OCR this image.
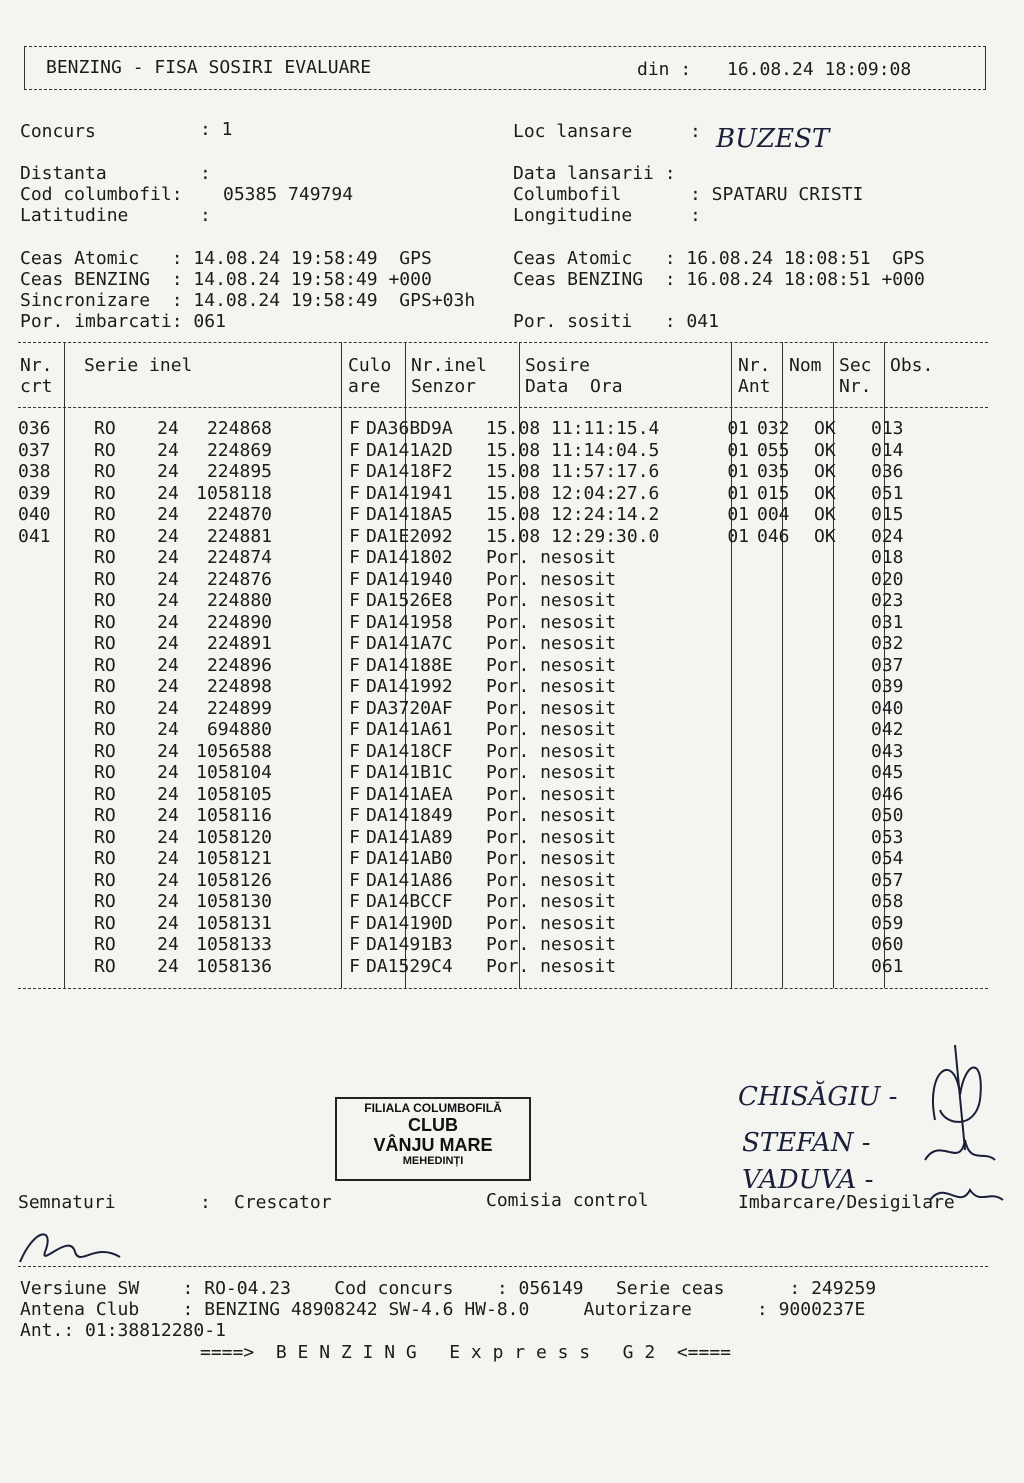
BENZING - FISA SOSIRI EVALUARE	din : 16.08.24 18:09:08
Concurs	: 1	Loc lansare	: BUZEST
Distanta	:	Data lansarii :
Cod columbofil: 05385 749794	Columbofil	: SPATARU CRISTI
Latitudine	:	Longitudine	:
Ceas Atomic   : 14.08.24 19:58:49  GPS
Ceas BENZING  : 14.08.24 19:58:49 +000
Sincronizare  : 14.08.24 19:58:49  GPS+03h
Por. imbarcati: 061
Ceas Atomic   : 16.08.24 18:08:51  GPS
Ceas BENZING  : 16.08.24 18:08:51 +000
Por. sositi   : 041
Nr.
crt
Serie inel	Culo
are
Nr.inel
Senzor
Sosire
Data  Ora
Nr.
Ant
Nom Sec
Nr.
Obs.
036		RO	24	224868		F	DA36BD9A	15.08 11:11:15.4	01	032	OK	013
037		RO	24	224869		F	DA141A2D	15.08 11:14:04.5	01	055	OK	014
038		RO	24	224895		F	DA1418F2	15.08 11:57:17.6	01	035	OK	036
039		RO	24	1058118		F	DA141941	15.08 12:04:27.6	01	015	OK	051
040		RO	24	224870		F	DA1418A5	15.08 12:24:14.2	01	004	OK	015
041		RO	24	224881		F	DA1E2092	15.08 12:29:30.0	01	046	OK	024
		RO	24	224874		F	DA141802	Por. nesosit				018
		RO	24	224876		F	DA141940	Por. nesosit				020
		RO	24	224880		F	DA1526E8	Por. nesosit				023
		RO	24	224890		F	DA141958	Por. nesosit				031
		RO	24	224891		F	DA141A7C	Por. nesosit				032
		RO	24	224896		F	DA14188E	Por. nesosit				037
		RO	24	224898		F	DA141992	Por. nesosit				039
		RO	24	224899		F	DA3720AF	Por. nesosit				040
		RO	24	694880		F	DA141A61	Por. nesosit				042
		RO	24	1056588		F	DA1418CF	Por. nesosit				043
		RO	24	1058104		F	DA141B1C	Por. nesosit				045
		RO	24	1058105		F	DA141AEA	Por. nesosit				046
		RO	24	1058116		F	DA141849	Por. nesosit				050
		RO	24	1058120		F	DA141A89	Por. nesosit				053
		RO	24	1058121		F	DA141AB0	Por. nesosit				054
		RO	24	1058126		F	DA141A86	Por. nesosit				057
		RO	24	1058130		F	DA14BCCF	Por. nesosit				058
		RO	24	1058131		F	DA14190D	Por. nesosit				059
		RO	24	1058133		F	DA1491B3	Por. nesosit				060
		RO	24	1058136		F	DA1529C4	Por. nesosit				061
FILIALA COLUMBOFILĂ
CLUB
VÂNJU MARE
MEHEDINȚI
CHISĂGIU -
STEFAN -
VADUVA -
Semnaturi	: Crescator	Comisia control	Imbarcare/Desigilare
Versiune SW    : RO-04.23    Cod concurs    : 056149   Serie ceas      : 249259
Antena Club    : BENZING 48908242 SW-4.6 HW-8.0     Autorizare      : 9000237E
Ant.: 01:38812280-1
====>  B E N Z I N G   E x p r e s s   G 2  <====
